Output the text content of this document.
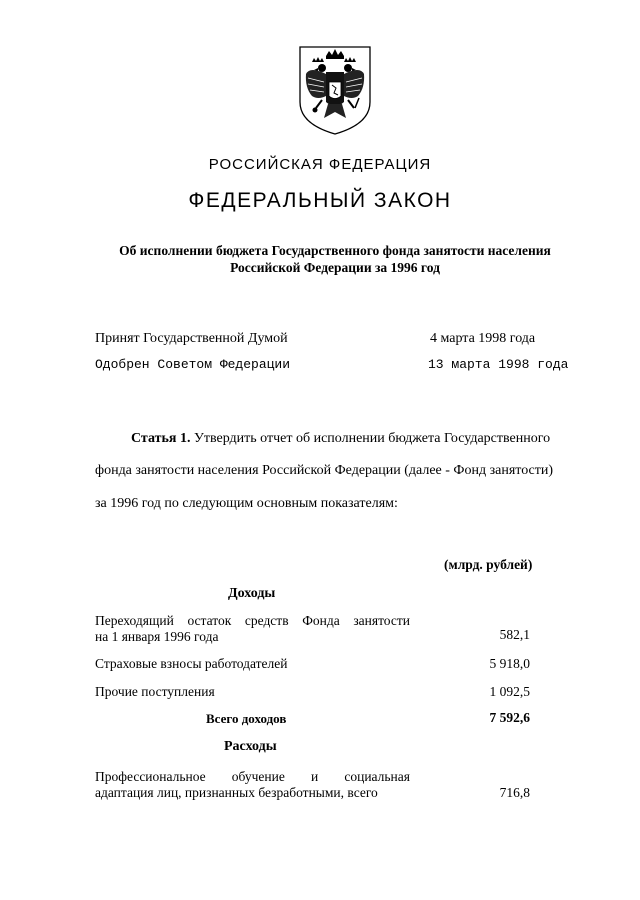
РОССИЙСКАЯ ФЕДЕРАЦИЯ
ФЕДЕРАЛЬНЫЙ ЗАКОН
Об исполнении бюджета Государственного фонда занятости населения
Российской Федерации за 1996 год
Принят Государственной Думой	4 марта 1998 года
Одобрен Советом Федерации	13 марта 1998 года
Статья 1. Утвердить отчет об исполнении бюджета Государственного
фонда занятости населения Российской Федерации (далее - Фонд занятости)
за 1996 год по следующим основным показателям:
(млрд. рублей)
Доходы
Переходящий остаток средств Фонда занятости
на 1 января 1996 года	582,1
Страховые взносы работодателей	5 918,0
Прочие поступления	1 092,5
Всего доходов	7 592,6
Расходы
Профессиональное обучение и социальная
адаптация лиц, признанных безработными, всего	716,8
